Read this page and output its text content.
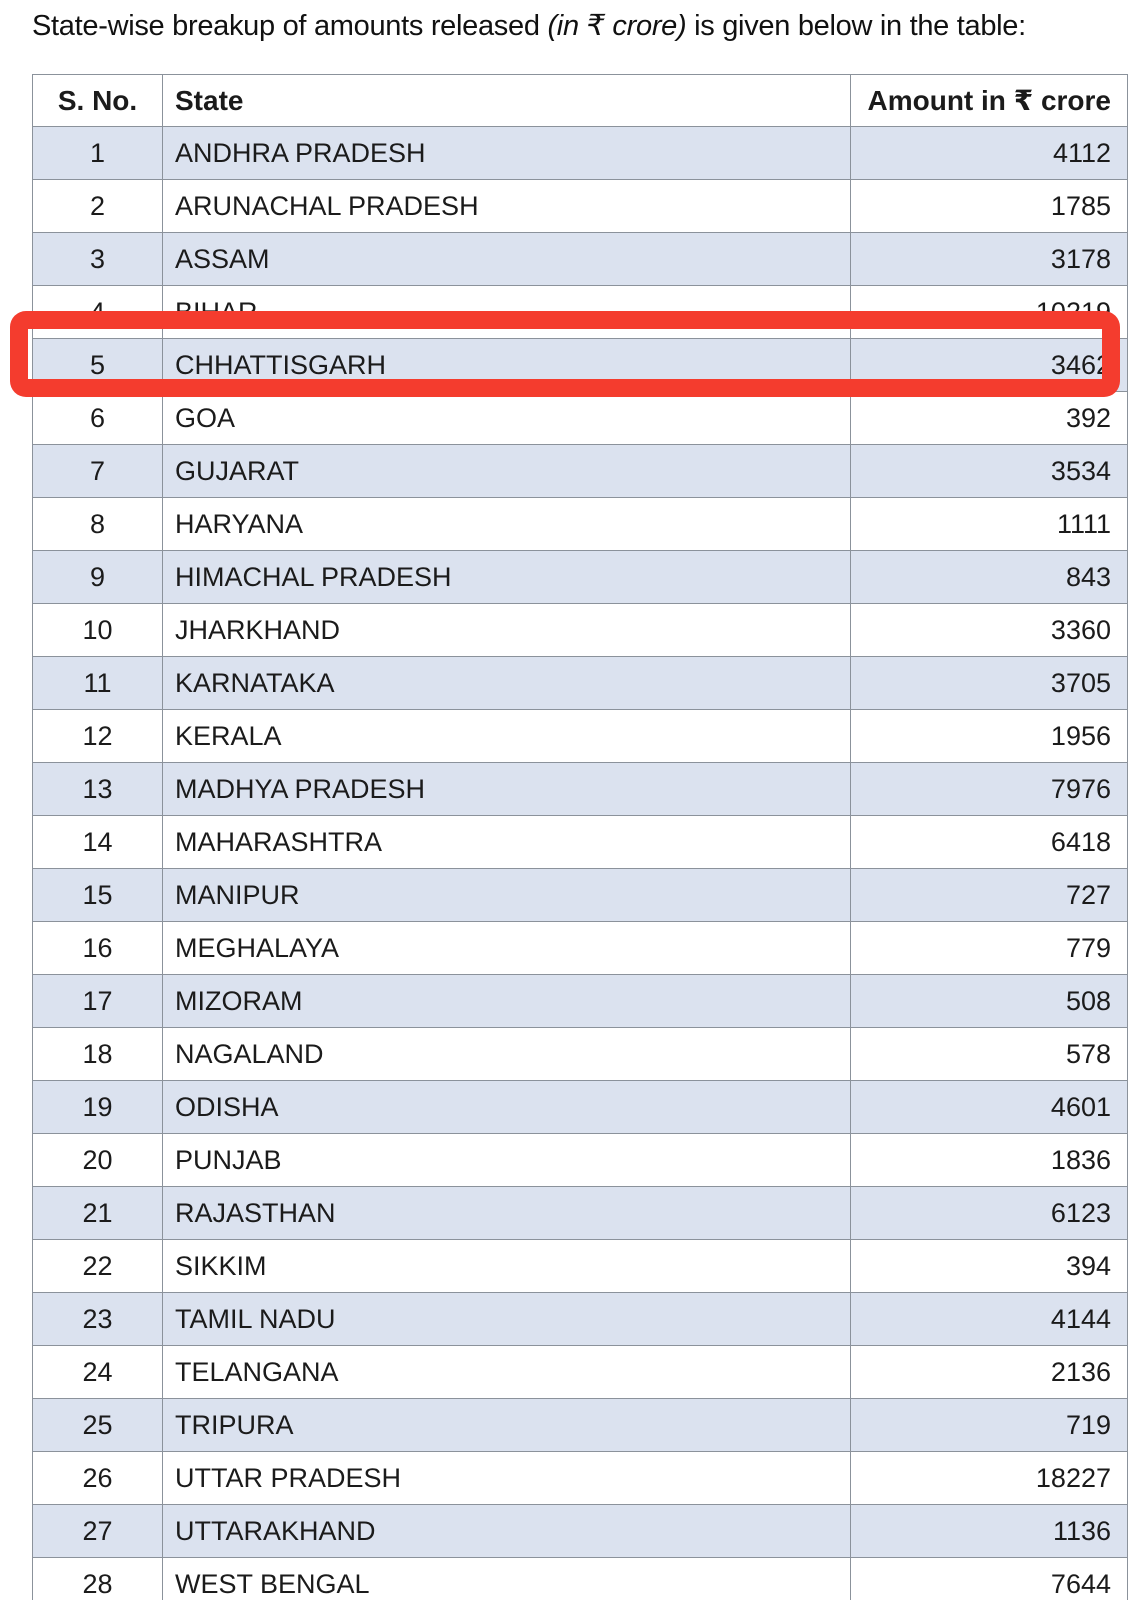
State-wise breakup of amounts released (in ₹ crore) is given below in the table:

S. No.	State	Amount in ₹ crore
1	ANDHRA PRADESH	4112
2	ARUNACHAL PRADESH	1785
3	ASSAM	3178
4	BIHAR	10219
5	CHHATTISGARH	3462
6	GOA	392
7	GUJARAT	3534
8	HARYANA	1111
9	HIMACHAL PRADESH	843
10	JHARKHAND	3360
11	KARNATAKA	3705
12	KERALA	1956
13	MADHYA PRADESH	7976
14	MAHARASHTRA	6418
15	MANIPUR	727
16	MEGHALAYA	779
17	MIZORAM	508
18	NAGALAND	578
19	ODISHA	4601
20	PUNJAB	1836
21	RAJASTHAN	6123
22	SIKKIM	394
23	TAMIL NADU	4144
24	TELANGANA	2136
25	TRIPURA	719
26	UTTAR PRADESH	18227
27	UTTARAKHAND	1136
28	WEST BENGAL	7644
